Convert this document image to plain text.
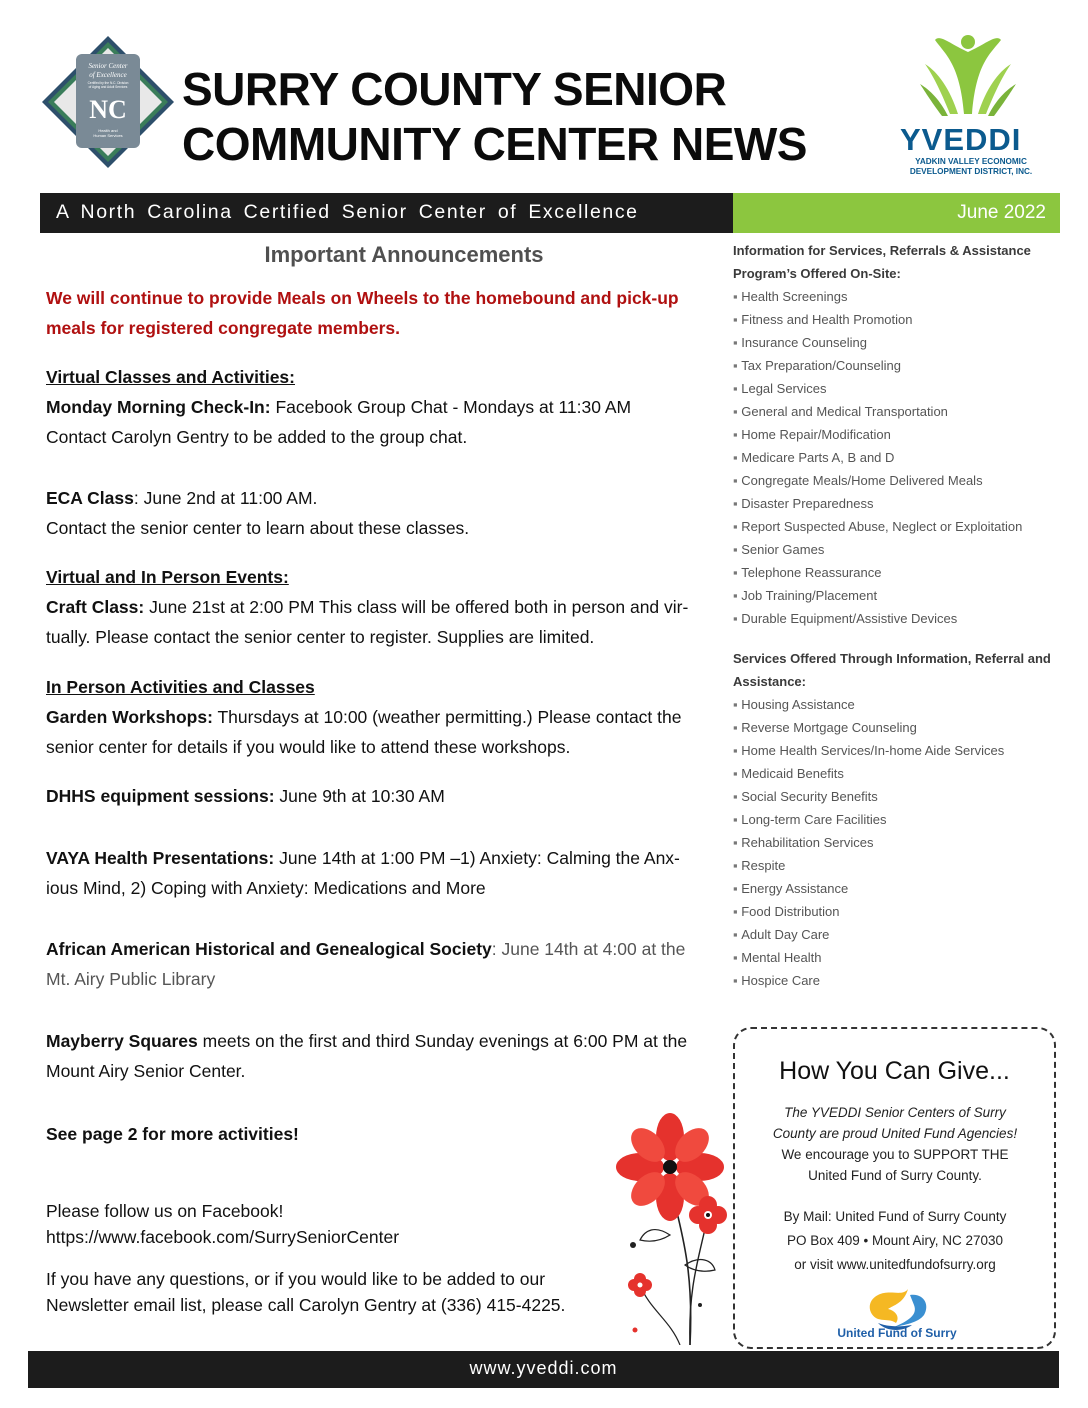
Senior Center
of Excellence
Certified by the N.C. Division
of Aging and Adult Services
NC
Health and
Human Services
SURRY COUNTY SENIOR
COMMUNITY CENTER NEWS	YVEDDI
YADKIN VALLEY ECONOMIC DEVELOPMENT DISTRICT, INC.
A North Carolina Certified Senior Center of Excellence	June 2022
Important Announcements
We will continue to provide Meals on Wheels to the homebound and pick-up meals for registered congregate members.
Virtual Classes and Activities:
Monday Morning Check-In: Facebook Group Chat - Mondays at 11:30 AM
Contact Carolyn Gentry to be added to the group chat.
ECA Class: June 2nd at 11:00 AM.
Contact the senior center to learn about these classes.
Virtual and In Person Events:
Craft Class: June 21st at 2:00 PM This class will be offered both in person and vir-tually. Please contact the senior center to register. Supplies are limited.
In Person Activities and Classes
Garden Workshops: Thursdays at 10:00 (weather permitting.) Please contact the senior center for details if you would like to attend these workshops.
DHHS equipment sessions: June 9th at 10:30 AM
VAYA Health Presentations: June 14th at 1:00 PM –1) Anxiety: Calming the Anx-ious Mind, 2) Coping with Anxiety: Medications and More
African American Historical and Genealogical Society: June 14th at 4:00 at the Mt. Airy Public Library
Mayberry Squares meets on the first and third Sunday evenings at 6:00 PM at the Mount Airy Senior Center.
See page 2 for more activities!
Please follow us on Facebook!
https://www.facebook.com/SurrySeniorCenter
If you have any questions, or if you would like to be added to our
Newsletter email list, please call Carolyn Gentry at (336) 415-4225.
Information for Services, Referrals & Assistance
Program’s Offered On-Site:
▪ Health Screenings
▪ Fitness and Health Promotion
▪ Insurance Counseling
▪ Tax Preparation/Counseling
▪ Legal Services
▪ General and Medical Transportation
▪ Home Repair/Modification
▪ Medicare Parts A, B and D
▪ Congregate Meals/Home Delivered Meals
▪ Disaster Preparedness
▪ Report Suspected Abuse, Neglect or Exploitation
▪ Senior Games
▪ Telephone Reassurance
▪ Job Training/Placement
▪ Durable Equipment/Assistive Devices
Services Offered Through Information, Referral and Assistance:
▪ Housing Assistance
▪ Reverse Mortgage Counseling
▪ Home Health Services/In-home Aide Services
▪ Medicaid Benefits
▪ Social Security Benefits
▪ Long-term Care Facilities
▪ Rehabilitation Services
▪ Respite
▪ Energy Assistance
▪ Food Distribution
▪ Adult Day Care
▪ Mental Health
▪ Hospice Care
How You Can Give...
The YVEDDI Senior Centers of Surry
County are proud United Fund Agencies!
We encourage you to SUPPORT THE
United Fund of Surry County.
By Mail: United Fund of Surry County
PO Box 409 • Mount Airy, NC 27030
or visit www.unitedfundofsurry.org
United Fund of Surry
www.yveddi.com
